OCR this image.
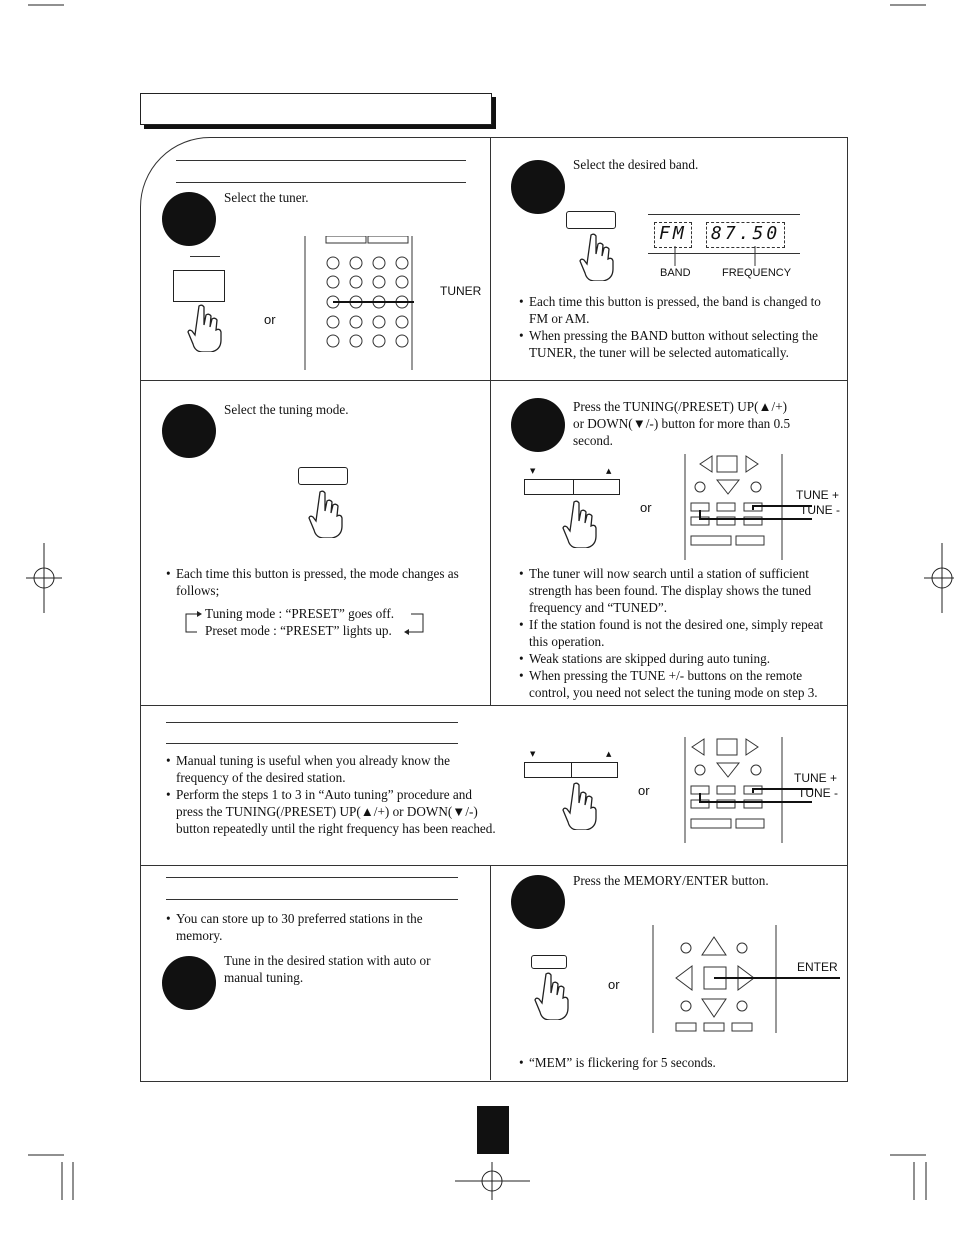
Select the tuner.
or
TUNER
Select the desired band.
FM 87.50
BAND	FREQUENCY
• Each time this button is pressed, the band is changed to FM or AM.
• When pressing the BAND button without selecting the TUNER, the tuner will be selected automatically.
Select the tuning mode.
• Each time this button is pressed, the mode changes as follows;
Tuning mode : “PRESET” goes off.
Preset mode : “PRESET” lights up.
Press the TUNING(/PRESET) UP(▲/+)
or DOWN(▼/-) button for more than 0.5
second.
▼	▲
or
TUNE +
TUNE -
• The tuner will now search until a station of sufficient strength has been found. The display shows the tuned frequency and “TUNED”.
• If the station found is not the desired one, simply repeat this operation.
• Weak stations are skipped during auto tuning.
• When pressing the TUNE +/- buttons on the remote control, you need not select the tuning mode on step 3.
• Manual tuning is useful when you already know the frequency of the desired station.
• Perform the steps 1 to 3 in “Auto tuning” procedure and press the TUNING(/PRESET) UP(▲/+) or DOWN(▼/-) button repeatedly until the right frequency has been reached.
▼	▲
or
TUNE +
TUNE -
• You can store up to 30 preferred stations in the memory.
Tune in the desired station with auto or manual tuning.
Press the MEMORY/ENTER button.
or
ENTER
• “MEM” is flickering for 5 seconds.
